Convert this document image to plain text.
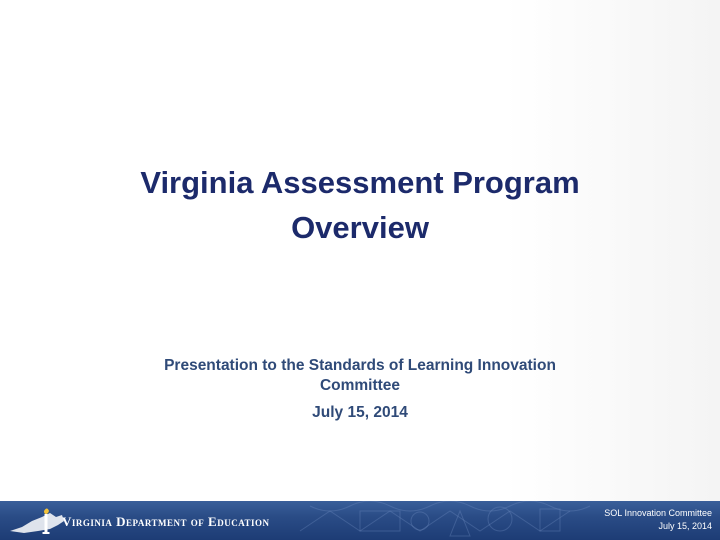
Virginia Assessment Program
Overview
Presentation to the Standards of Learning Innovation
Committee
July 15, 2014
Virginia Department of Education
SOL Innovation Committee
July 15, 2014
